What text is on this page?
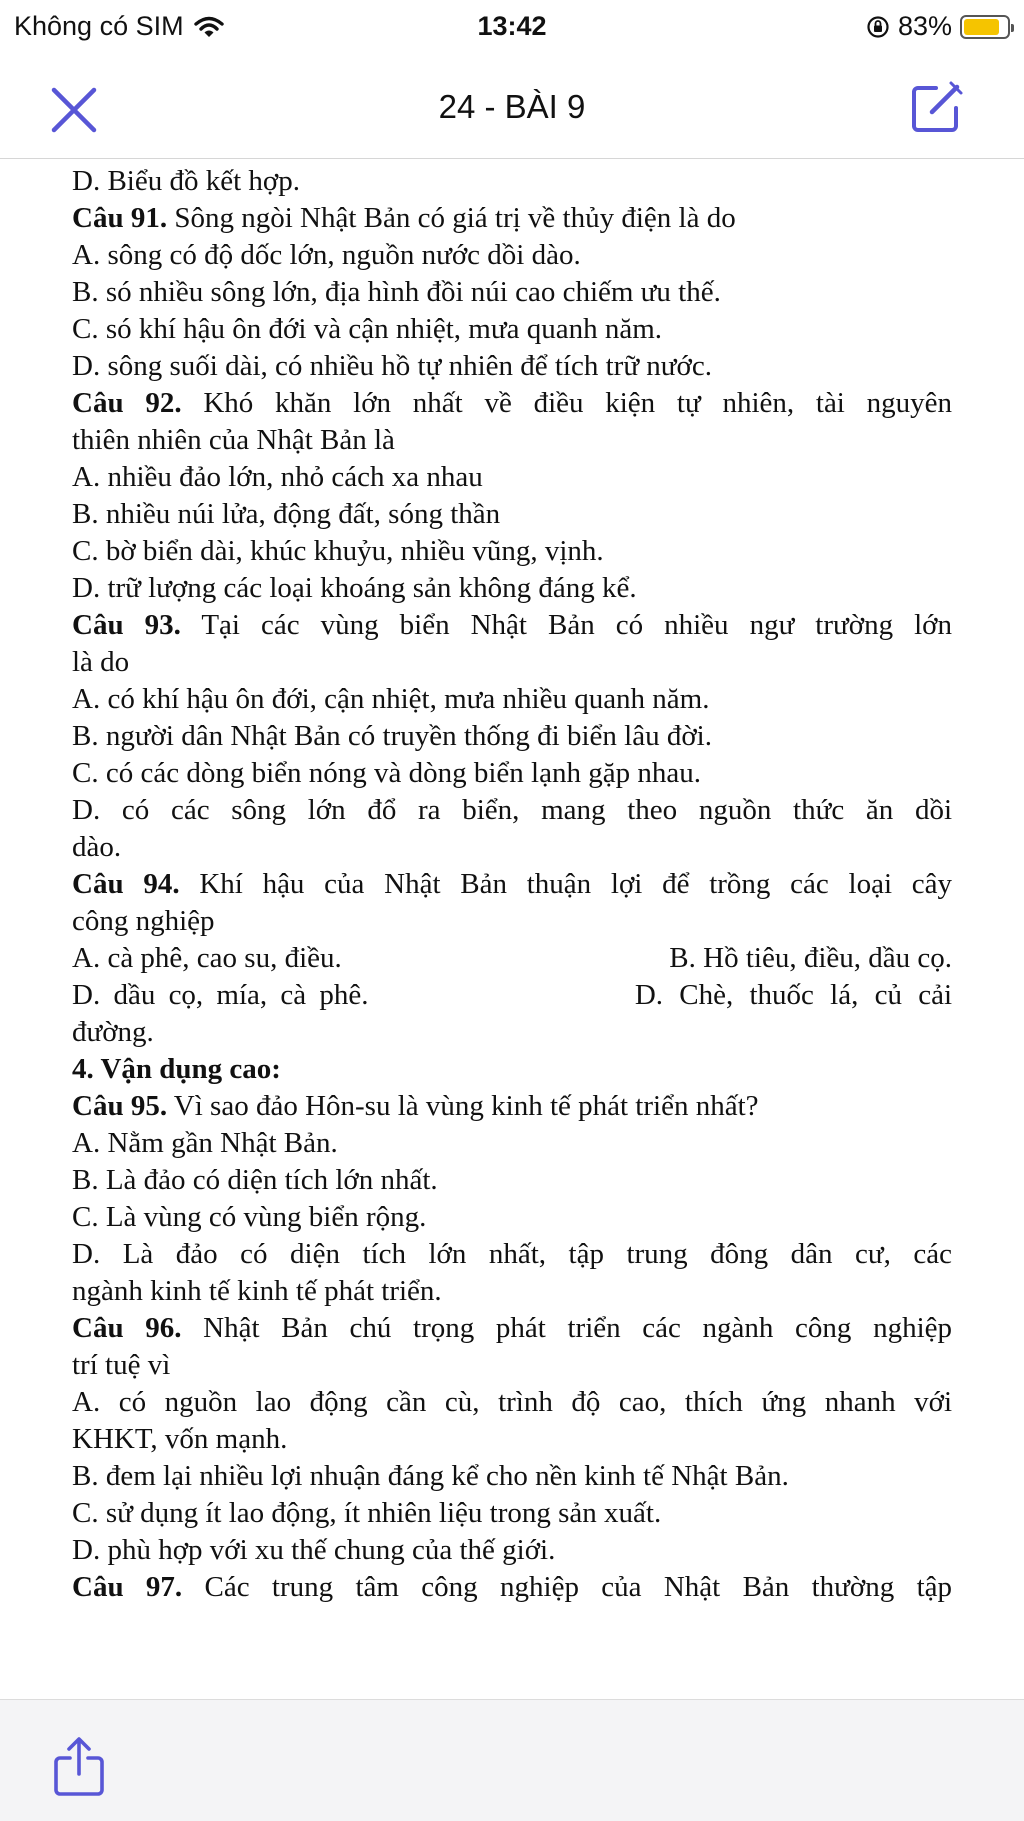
Không có SIM	13:42	83%
24 - BÀI 9

D. Biểu đồ kết hợp.

Câu 91. Sông ngòi Nhật Bản có giá trị về thủy điện là do

A. sông có độ dốc lớn, nguồn nước dồi dào.

B. só nhiều sông lớn, địa hình đồi núi cao chiếm ưu thế.

C. só khí hậu ôn đới và cận nhiệt, mưa quanh năm.

D. sông suối dài, có nhiều hồ tự nhiên để tích trữ nước.

Câu 92. Khó khăn lớn nhất về điều kiện tự nhiên, tài nguyên

thiên nhiên của Nhật Bản là

A. nhiều đảo lớn, nhỏ cách xa nhau

B. nhiều núi lửa, động đất, sóng thần

C. bờ biển dài, khúc khuỷu, nhiều vũng, vịnh.

D. trữ lượng các loại khoáng sản không đáng kể.

Câu 93. Tại các vùng biển Nhật Bản có nhiều ngư trường lớn

là do

A. có khí hậu ôn đới, cận nhiệt, mưa nhiều quanh năm.

B. người dân Nhật Bản có truyền thống đi biển lâu đời.

C. có các dòng biển nóng và dòng biển lạnh gặp nhau.

D. có các sông lớn đổ ra biển, mang theo nguồn thức ăn dồi

dào.

Câu 94. Khí hậu của Nhật Bản thuận lợi để trồng các loại cây

công nghiệp

A. cà phê, cao su, điều.	B. Hồ tiêu, điều, dầu cọ.
D. dầu cọ, mía, cà phê.	D. Chè, thuốc lá, củ cải

đường.

4. Vận dụng cao:

Câu 95. Vì sao đảo Hôn-su là vùng kinh tế phát triển nhất?

A. Nằm gần Nhật Bản.

B. Là đảo có diện tích lớn nhất.

C. Là vùng có vùng biển rộng.

D. Là đảo có diện tích lớn nhất, tập trung đông dân cư, các

ngành kinh tế kinh tế phát triển.

Câu 96. Nhật Bản chú trọng phát triển các ngành công nghiệp

trí tuệ vì

A. có nguồn lao động cần cù, trình độ cao, thích ứng nhanh với

KHKT, vốn mạnh.

B. đem lại nhiều lợi nhuận đáng kể cho nền kinh tế Nhật Bản.

C. sử dụng ít lao động, ít nhiên liệu trong sản xuất.

D. phù hợp với xu thế chung của thế giới.

Câu 97. Các trung tâm công nghiệp của Nhật Bản thường tập
